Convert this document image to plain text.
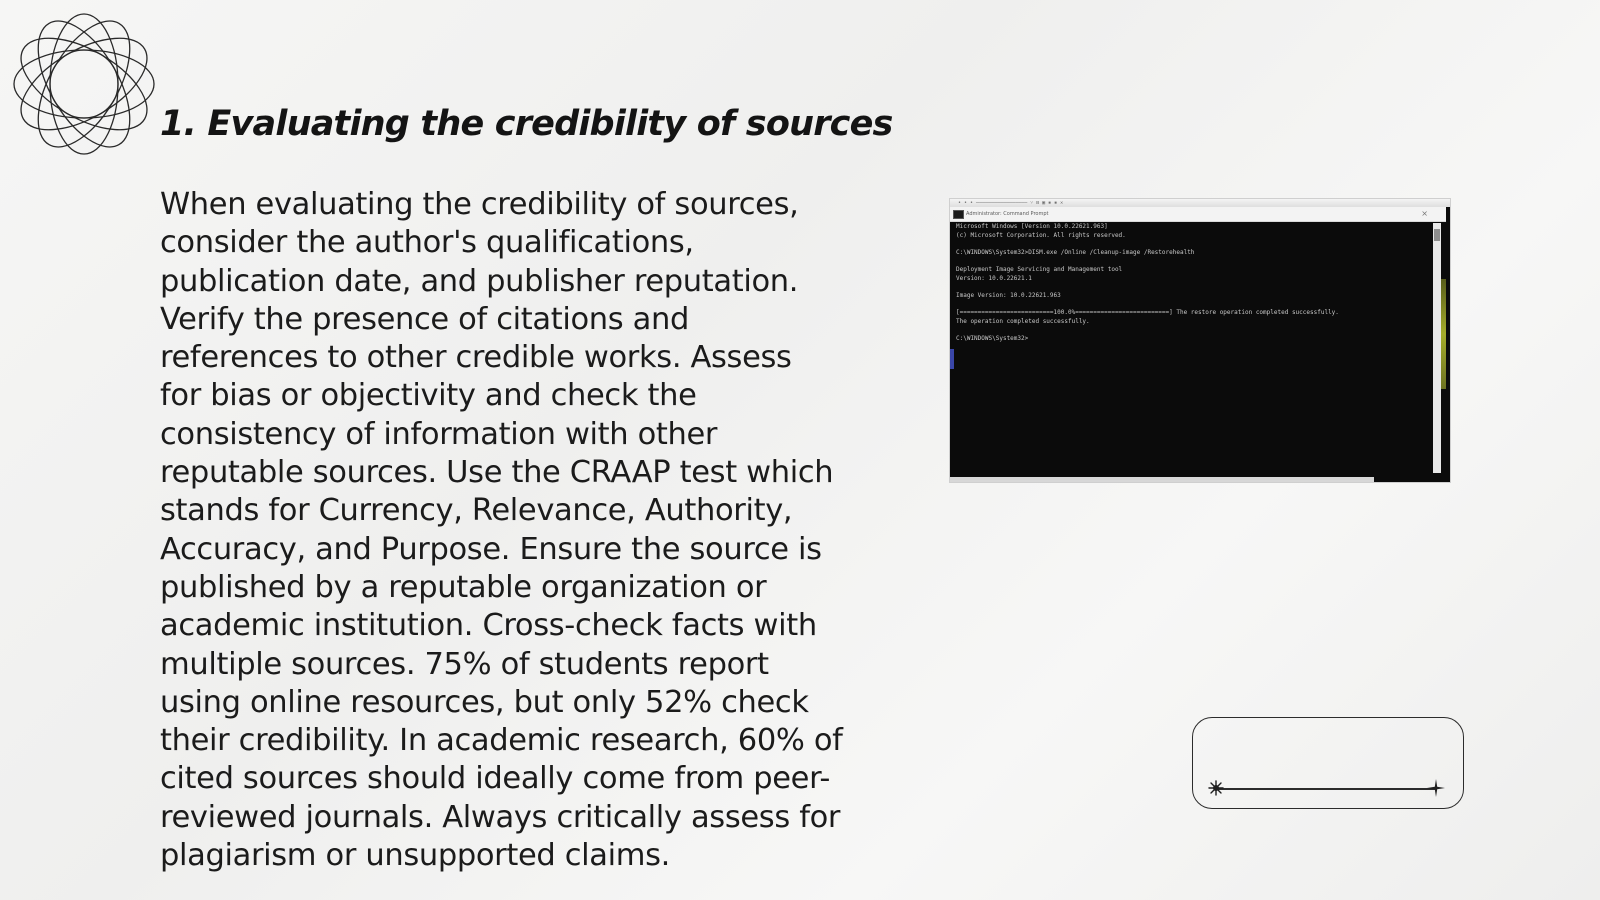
1. Evaluating the credibility of sources
When evaluating the credibility of sources,
consider the author's qualifications,
publication date, and publisher reputation.
Verify the presence of citations and
references to other credible works. Assess
for bias or objectivity and check the
consistency of information with other
reputable sources. Use the CRAAP test which
stands for Currency, Relevance, Authority,
Accuracy, and Purpose. Ensure the source is
published by a reputable organization or
academic institution. Cross-check facts with
multiple sources. 75% of students report
using online resources, but only 52% check
their credibility. In academic research, 60% of
cited sources should ideally come from peer-
reviewed journals. Always critically assess for
plagiarism or unsupported claims.
• • • ───────────────── ˅ ⊟ ▣ ▪ ▪ ✕
Administrator: Command Prompt	×
Microsoft Windows [Version 10.0.22621.963]
(c) Microsoft Corporation. All rights reserved.

C:\WINDOWS\System32>DISM.exe /Online /Cleanup-image /Restorehealth

Deployment Image Servicing and Management tool
Version: 10.0.22621.1

Image Version: 10.0.22621.963

[==========================100.0%==========================] The restore operation completed successfully.
The operation completed successfully.

C:\WINDOWS\System32>
